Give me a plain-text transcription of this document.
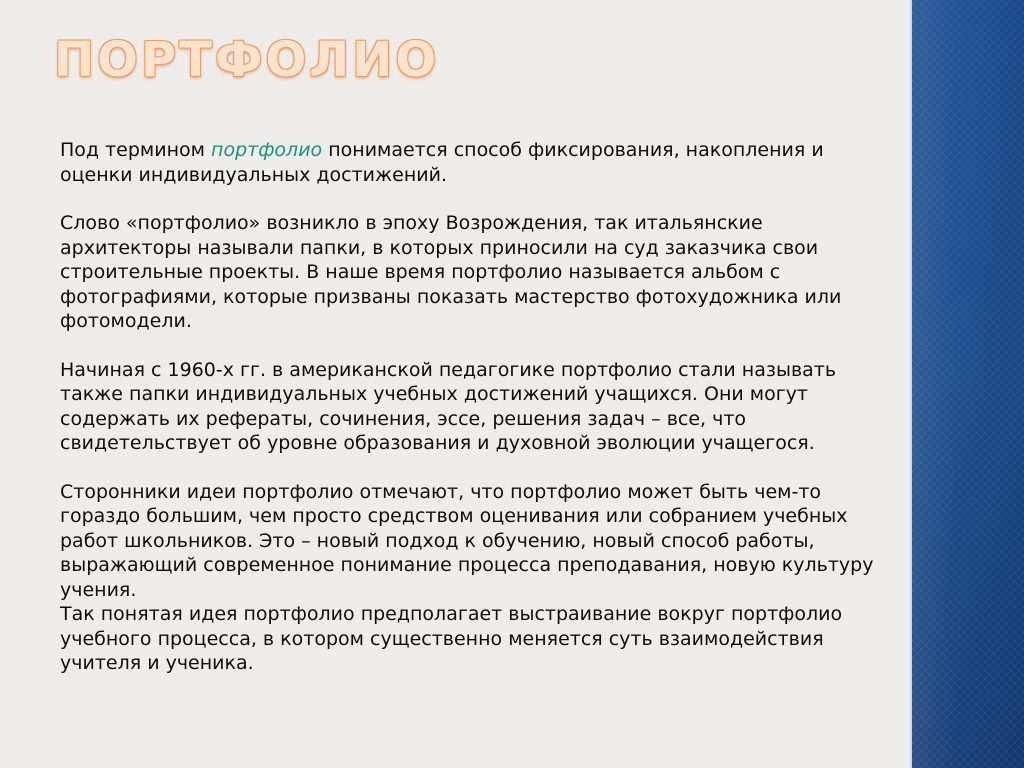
ПОРТФОЛИО

Под термином портфолио понимается способ фиксирования, накопления и оценки индивидуальных достижений.

Слово «портфолио» возникло в эпоху Возрождения, так итальянские архитекторы называли папки, в которых приносили на суд заказчика свои строительные проекты. В наше время портфолио называется альбом с фотографиями, которые призваны показать мастерство фотохудожника или фотомодели.

Начиная с 1960-х гг. в американской педагогике портфолио стали называть также папки индивидуальных учебных достижений учащихся. Они могут содержать их рефераты, сочинения, эссе, решения задач – все, что свидетельствует об уровне образования и духовной эволюции учащегося.

Сторонники идеи портфолио отмечают, что портфолио может быть чем-то гораздо большим, чем просто средством оценивания или собранием учебных работ школьников. Это – новый подход к обучению, новый способ работы, выражающий современное понимание процесса преподавания, новую культуру учения.
Так понятая идея портфолио предполагает выстраивание вокруг портфолио учебного процесса, в котором существенно меняется суть взаимодействия учителя и ученика.
